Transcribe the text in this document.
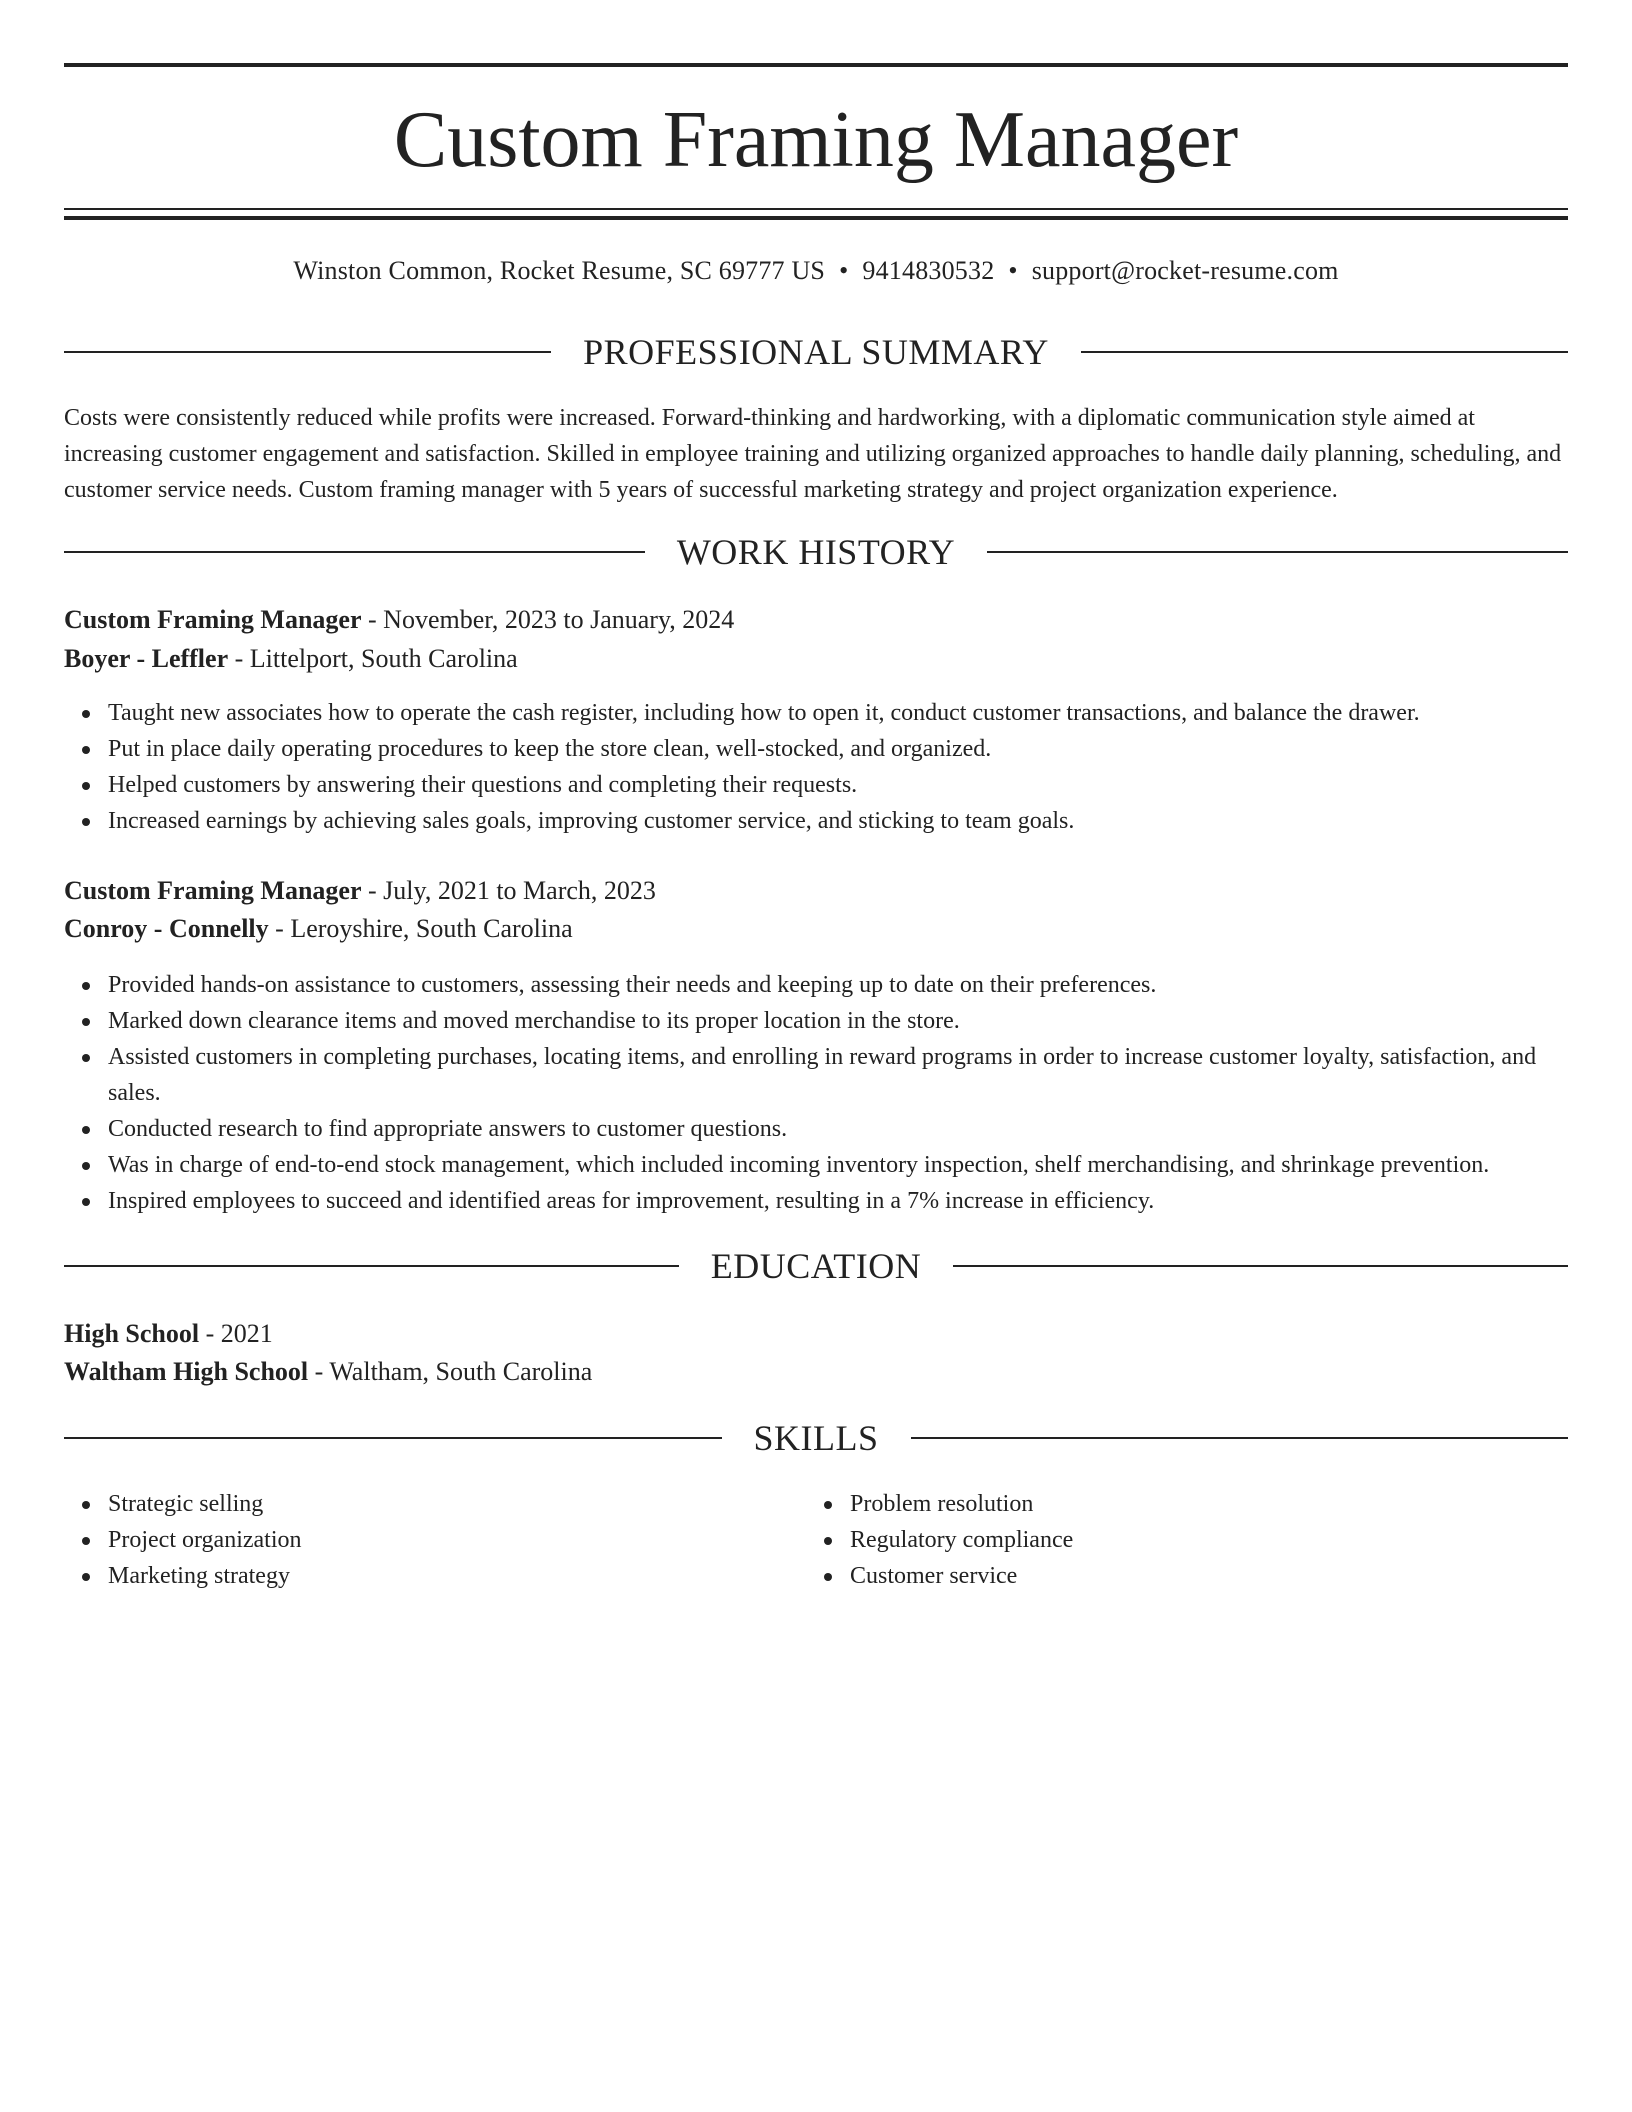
Custom Framing Manager
Winston Common, Rocket Resume, SC 69777 US • 9414830532 • support@rocket-resume.com
PROFESSIONAL SUMMARY
Costs were consistently reduced while profits were increased. Forward-thinking and hardworking, with a diplomatic communication style aimed at increasing customer engagement and satisfaction. Skilled in employee training and utilizing organized approaches to handle daily planning, scheduling, and customer service needs. Custom framing manager with 5 years of successful marketing strategy and project organization experience.
WORK HISTORY
Custom Framing Manager - November, 2023 to January, 2024
Boyer - Leffler - Littelport, South Carolina
Taught new associates how to operate the cash register, including how to open it, conduct customer transactions, and balance the drawer.
Put in place daily operating procedures to keep the store clean, well-stocked, and organized.
Helped customers by answering their questions and completing their requests.
Increased earnings by achieving sales goals, improving customer service, and sticking to team goals.
Custom Framing Manager - July, 2021 to March, 2023
Conroy - Connelly - Leroyshire, South Carolina
Provided hands-on assistance to customers, assessing their needs and keeping up to date on their preferences.
Marked down clearance items and moved merchandise to its proper location in the store.
Assisted customers in completing purchases, locating items, and enrolling in reward programs in order to increase customer loyalty, satisfaction, and sales.
Conducted research to find appropriate answers to customer questions.
Was in charge of end-to-end stock management, which included incoming inventory inspection, shelf merchandising, and shrinkage prevention.
Inspired employees to succeed and identified areas for improvement, resulting in a 7% increase in efficiency.
EDUCATION
High School - 2021
Waltham High School - Waltham, South Carolina
SKILLS
Strategic selling
Project organization
Marketing strategy
Problem resolution
Regulatory compliance
Customer service
